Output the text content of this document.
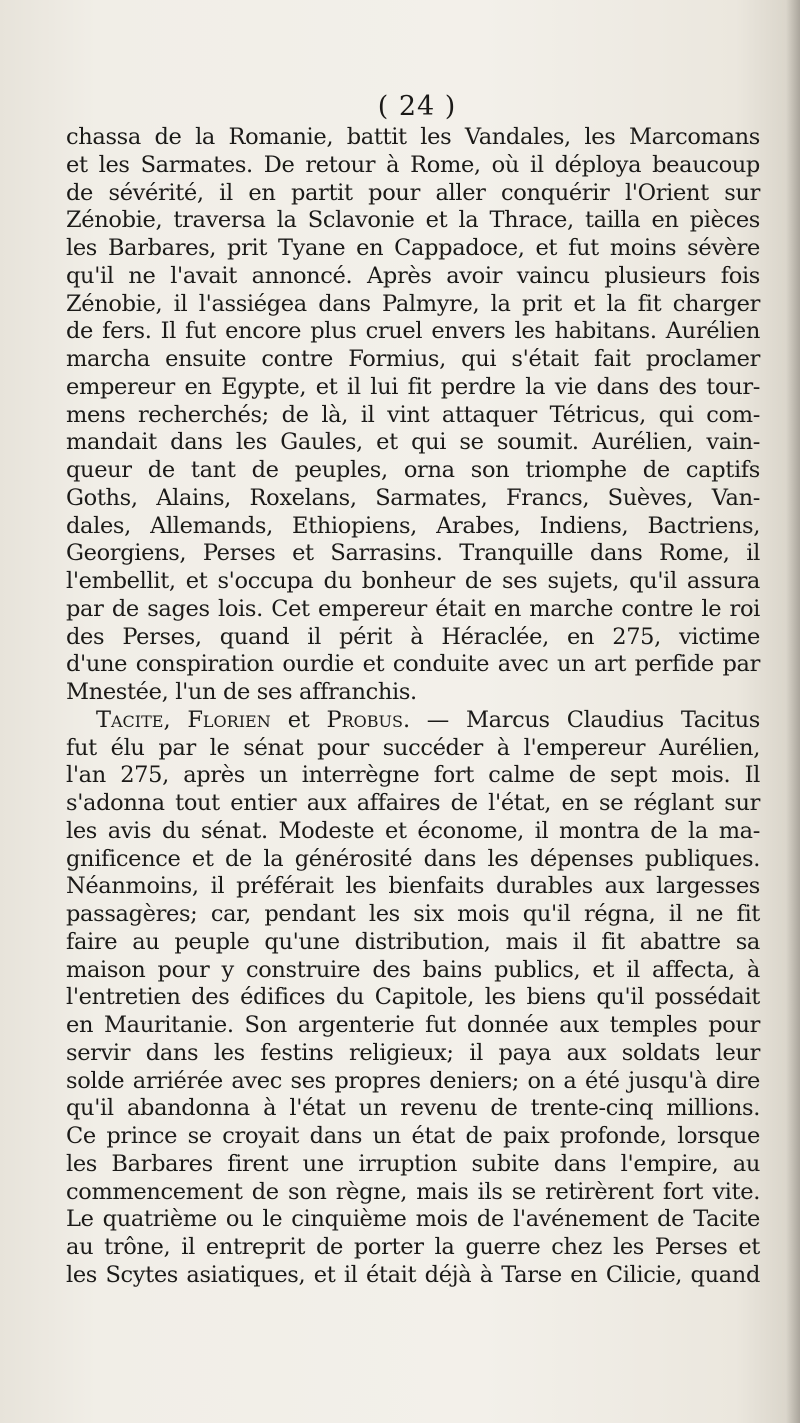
( 24 )
chassa de la Romanie, battit les Vandales, les Marcomans
et les Sarmates. De retour à Rome, où il déploya beaucoup
de sévérité, il en partit pour aller conquérir l'Orient sur
Zénobie, traversa la Sclavonie et la Thrace, tailla en pièces
les Barbares, prit Tyane en Cappadoce, et fut moins sévère
qu'il ne l'avait annoncé. Après avoir vaincu plusieurs fois
Zénobie, il l'assiégea dans Palmyre, la prit et la fit charger
de fers. Il fut encore plus cruel envers les habitans. Aurélien
marcha ensuite contre Formius, qui s'était fait proclamer
empereur en Egypte, et il lui fit perdre la vie dans des tour-
mens recherchés; de là, il vint attaquer Tétricus, qui com-
mandait dans les Gaules, et qui se soumit. Aurélien, vain-
queur de tant de peuples, orna son triomphe de captifs
Goths, Alains, Roxelans, Sarmates, Francs, Suèves, Van-
dales, Allemands, Ethiopiens, Arabes, Indiens, Bactriens,
Georgiens, Perses et Sarrasins. Tranquille dans Rome, il
l'embellit, et s'occupa du bonheur de ses sujets, qu'il assura
par de sages lois. Cet empereur était en marche contre le roi
des Perses, quand il périt à Héraclée, en 275, victime
d'une conspiration ourdie et conduite avec un art perfide par
Mnestée, l'un de ses affranchis.
Tacite, Florien et Probus. — Marcus Claudius Tacitus
fut élu par le sénat pour succéder à l'empereur Aurélien,
l'an 275, après un interrègne fort calme de sept mois. Il
s'adonna tout entier aux affaires de l'état, en se réglant sur
les avis du sénat. Modeste et économe, il montra de la ma-
gnificence et de la générosité dans les dépenses publiques.
Néanmoins, il préférait les bienfaits durables aux largesses
passagères; car, pendant les six mois qu'il régna, il ne fit
faire au peuple qu'une distribution, mais il fit abattre sa
maison pour y construire des bains publics, et il affecta, à
l'entretien des édifices du Capitole, les biens qu'il possédait
en Mauritanie. Son argenterie fut donnée aux temples pour
servir dans les festins religieux; il paya aux soldats leur
solde arriérée avec ses propres deniers; on a été jusqu'à dire
qu'il abandonna à l'état un revenu de trente-cinq millions.
Ce prince se croyait dans un état de paix profonde, lorsque
les Barbares firent une irruption subite dans l'empire, au
commencement de son règne, mais ils se retirèrent fort vite.
Le quatrième ou le cinquième mois de l'avénement de Tacite
au trône, il entreprit de porter la guerre chez les Perses et
les Scytes asiatiques, et il était déjà à Tarse en Cilicie, quand
